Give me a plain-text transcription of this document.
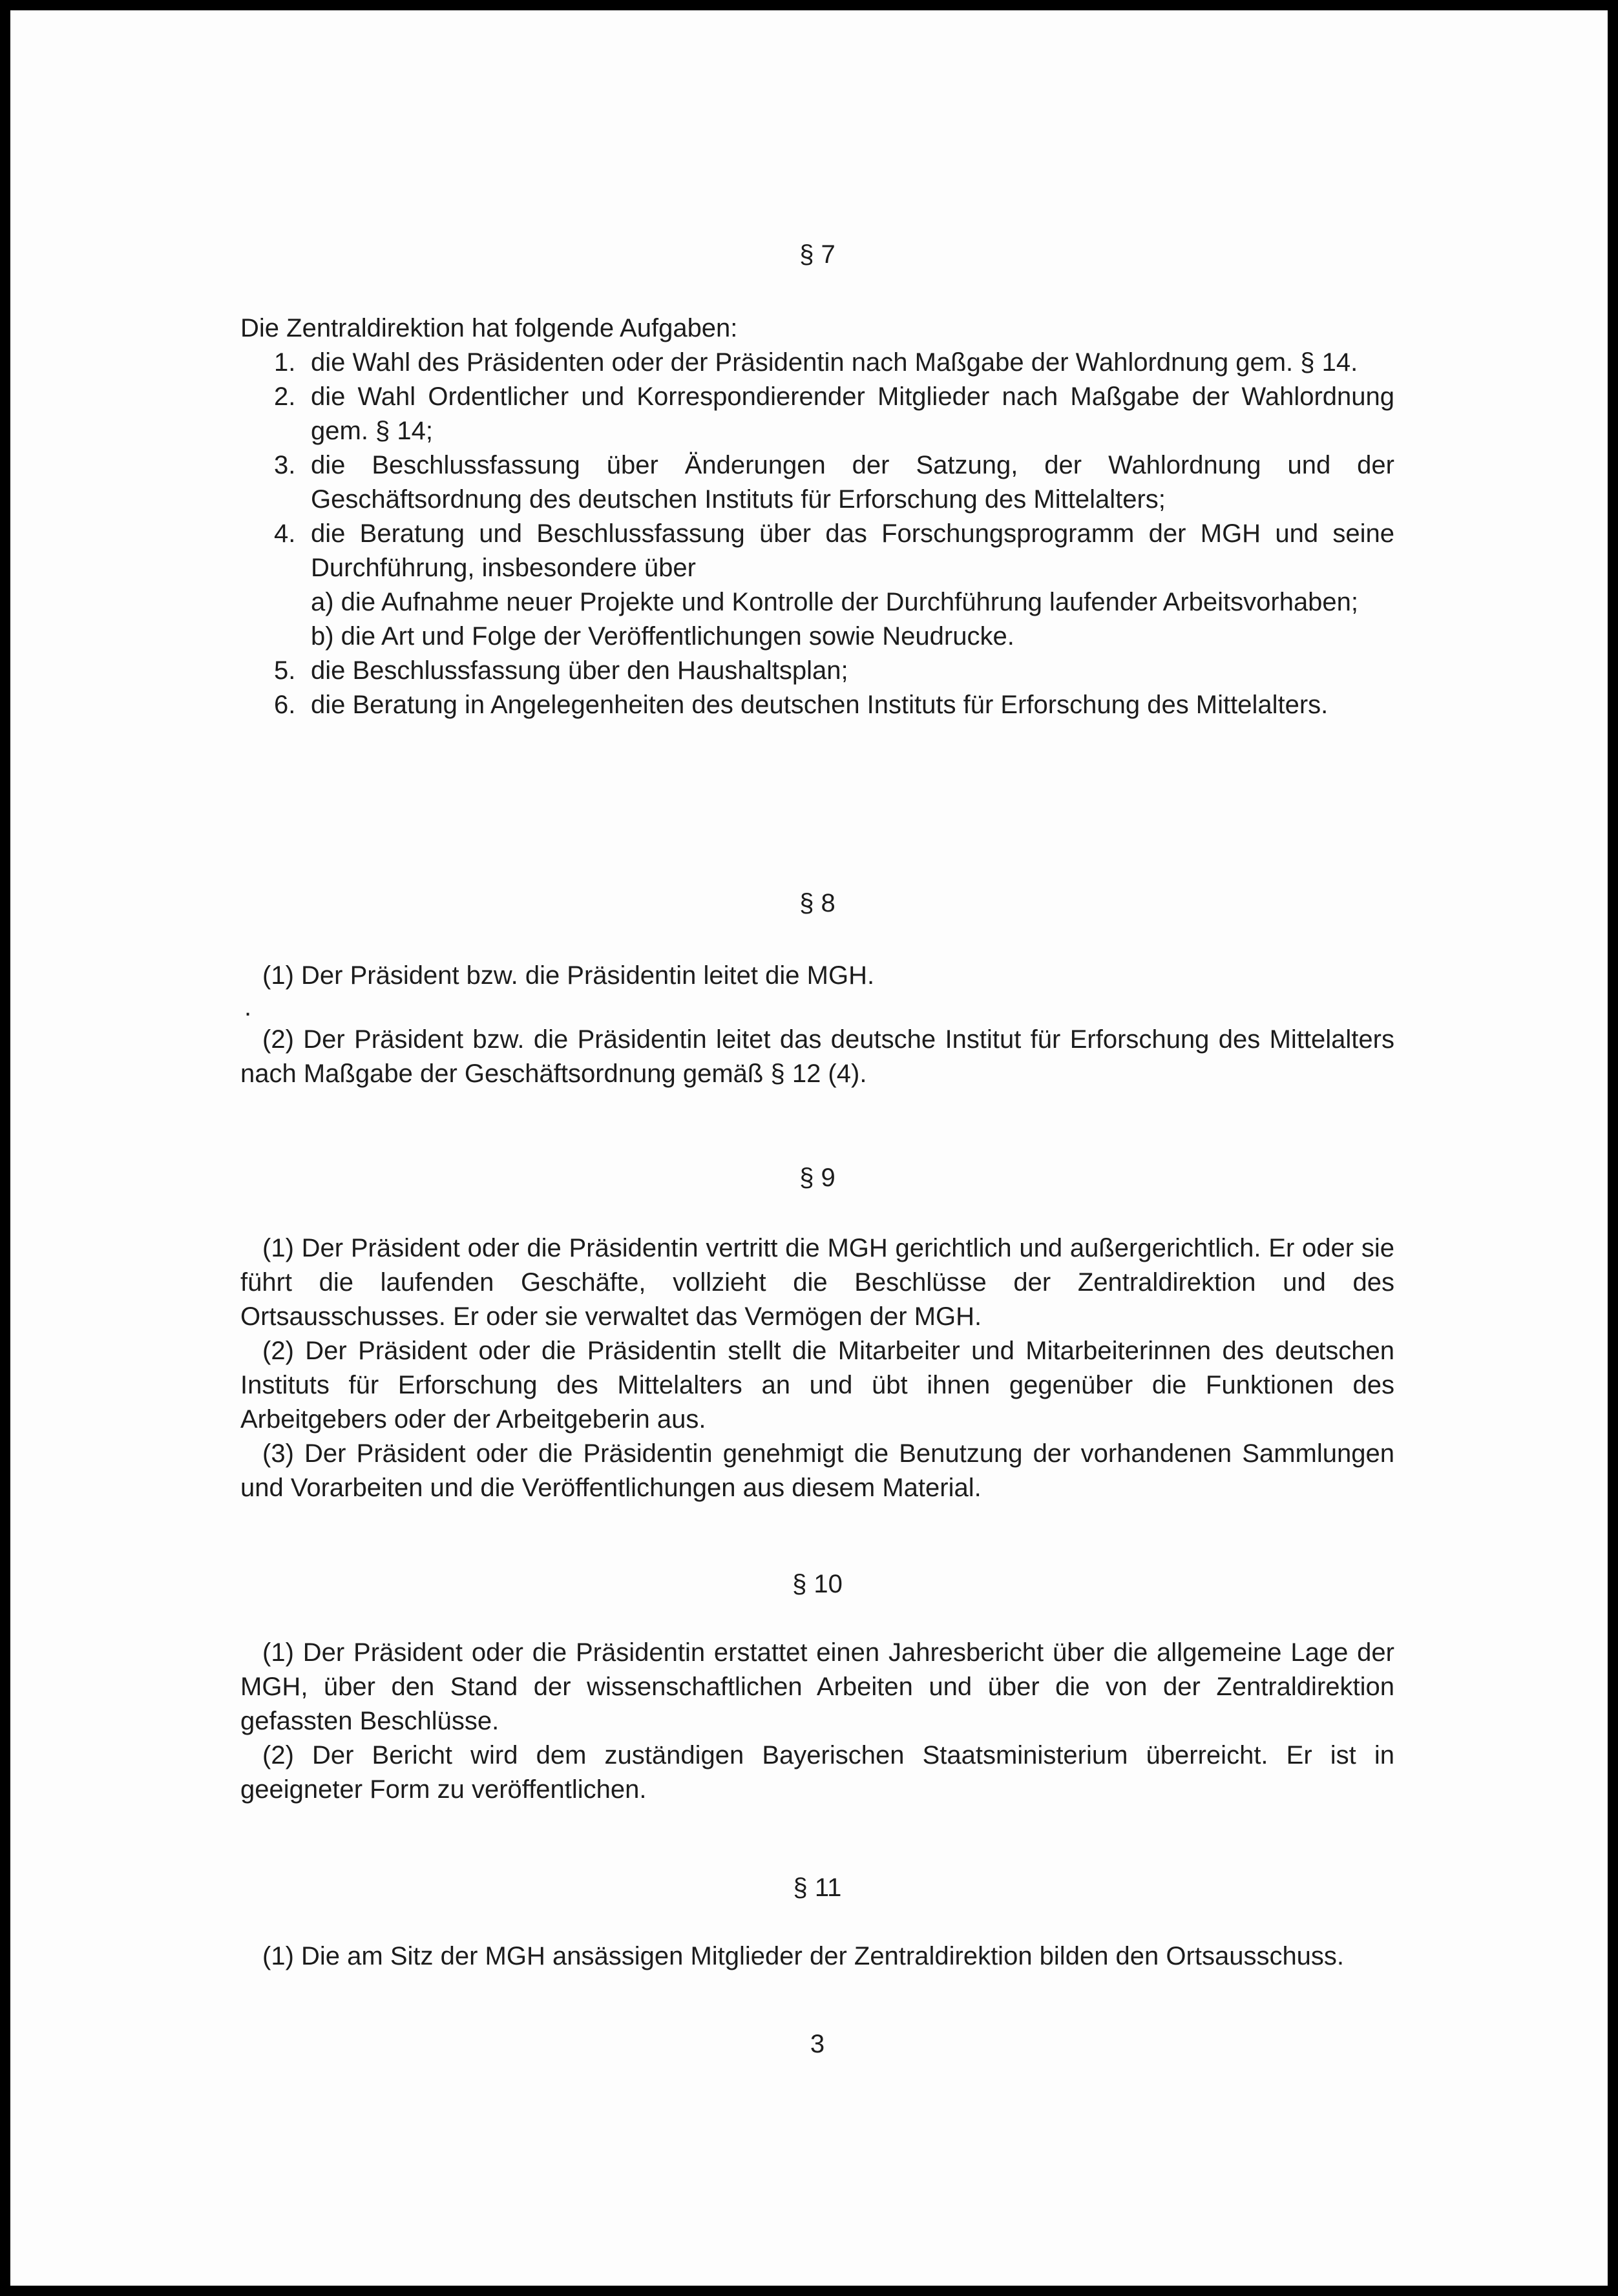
§ 7

Die Zentraldirektion hat folgende Aufgaben:

1. die Wahl des Präsidenten oder der Präsidentin nach Maßgabe der Wahlordnung gem. § 14.
2. die Wahl Ordentlicher und Korrespondierender Mitglieder nach Maßgabe der Wahlordnung gem. § 14;
3. die Beschlussfassung über Änderungen der Satzung, der Wahlordnung und der Geschäftsordnung des deutschen Instituts für Erforschung des Mittelalters;
4. die Beratung und Beschlussfassung über das Forschungsprogramm der MGH und seine Durchführung, insbesondere über

a) die Aufnahme neuer Projekte und Kontrolle der Durchführung laufender Arbeitsvorhaben;

b) die Art und Folge der Veröffentlichungen sowie Neudrucke.

5. die Beschlussfassung über den Haushaltsplan;
6. die Beratung in Angelegenheiten des deutschen Instituts für Erforschung des Mittelalters.
§ 8

(1) Der Präsident bzw. die Präsidentin leitet die MGH.

.

(2) Der Präsident bzw. die Präsidentin leitet das deutsche Institut für Erforschung des Mittelalters nach Maßgabe der Geschäftsordnung gemäß § 12 (4).

§ 9

(1) Der Präsident oder die Präsidentin vertritt die MGH gerichtlich und außergerichtlich. Er oder sie führt die laufenden Geschäfte, vollzieht die Beschlüsse der Zentraldirektion und des Ortsausschusses. Er oder sie verwaltet das Vermögen der MGH.

(2) Der Präsident oder die Präsidentin stellt die Mitarbeiter und Mitarbeiterinnen des deutschen Instituts für Erforschung des Mittelalters an und übt ihnen gegenüber die Funktionen des Arbeitgebers oder der Arbeitgeberin aus.

(3) Der Präsident oder die Präsidentin genehmigt die Benutzung der vorhandenen Sammlungen und Vorarbeiten und die Veröffentlichungen aus diesem Material.

§ 10

(1) Der Präsident oder die Präsidentin erstattet einen Jahresbericht über die allgemeine Lage der MGH, über den Stand der wissenschaftlichen Arbeiten und über die von der Zentraldirektion gefassten Beschlüsse.

(2) Der Bericht wird dem zuständigen Bayerischen Staatsministerium überreicht. Er ist in geeigneter Form zu veröffentlichen.

§ 11

(1) Die am Sitz der MGH ansässigen Mitglieder der Zentraldirektion bilden den Ortsausschuss.

3
